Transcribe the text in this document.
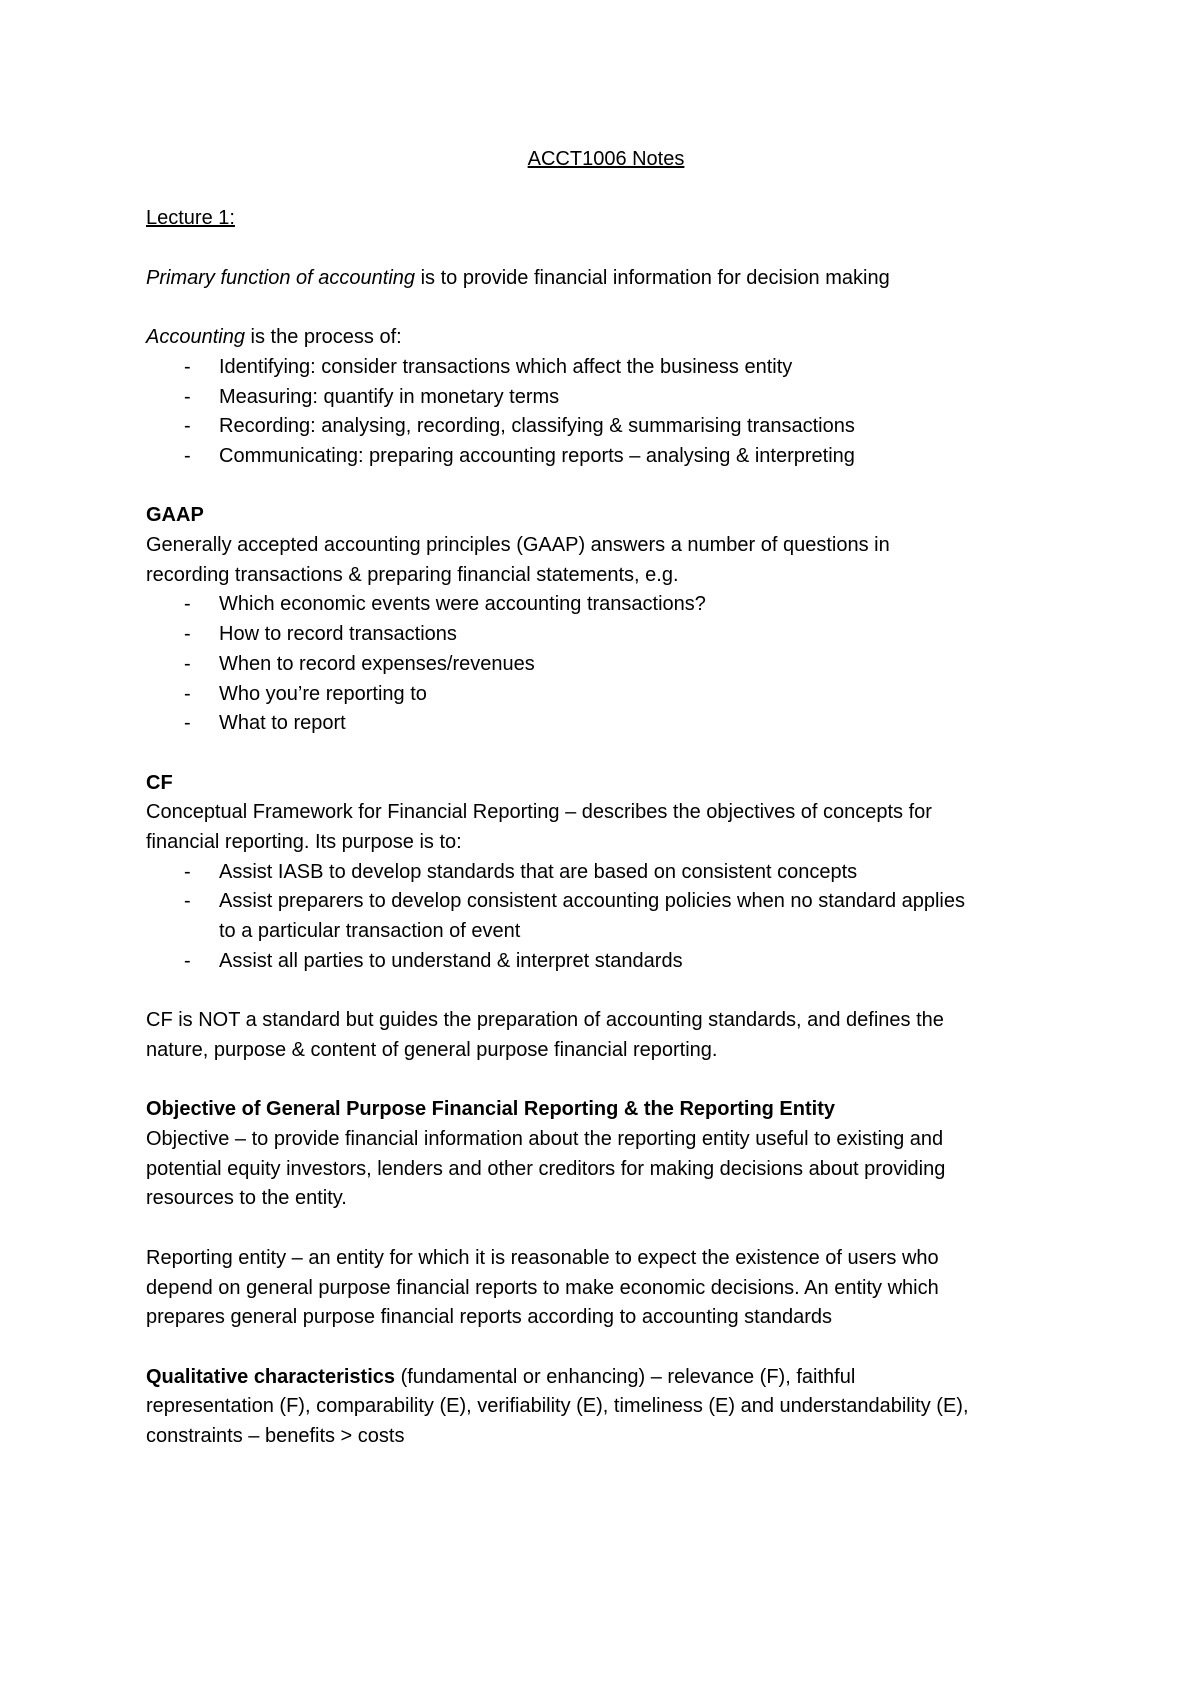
ACCT1006 Notes

Lecture 1:

Primary function of accounting is to provide financial information for decision making

Accounting is the process of:

- Identifying: consider transactions which affect the business entity
- Measuring: quantify in monetary terms
- Recording: analysing, recording, classifying & summarising transactions
- Communicating: preparing accounting reports – analysing & interpreting

GAAP

Generally accepted accounting principles (GAAP) answers a number of questions in

recording transactions & preparing financial statements, e.g.

- Which economic events were accounting transactions?
- How to record transactions
- When to record expenses/revenues
- Who you’re reporting to
- What to report

CF

Conceptual Framework for Financial Reporting – describes the objectives of concepts for

financial reporting. Its purpose is to:

- Assist IASB to develop standards that are based on consistent concepts
- Assist preparers to develop consistent accounting policies when no standard applies
to a particular transaction of event
- Assist all parties to understand & interpret standards

CF is NOT a standard but guides the preparation of accounting standards, and defines the

nature, purpose & content of general purpose financial reporting.

Objective of General Purpose Financial Reporting & the Reporting Entity

Objective – to provide financial information about the reporting entity useful to existing and

potential equity investors, lenders and other creditors for making decisions about providing

resources to the entity.

Reporting entity – an entity for which it is reasonable to expect the existence of users who

depend on general purpose financial reports to make economic decisions. An entity which

prepares general purpose financial reports according to accounting standards

Qualitative characteristics (fundamental or enhancing) – relevance (F), faithful

representation (F), comparability (E), verifiability (E), timeliness (E) and understandability (E),

constraints – benefits > costs
